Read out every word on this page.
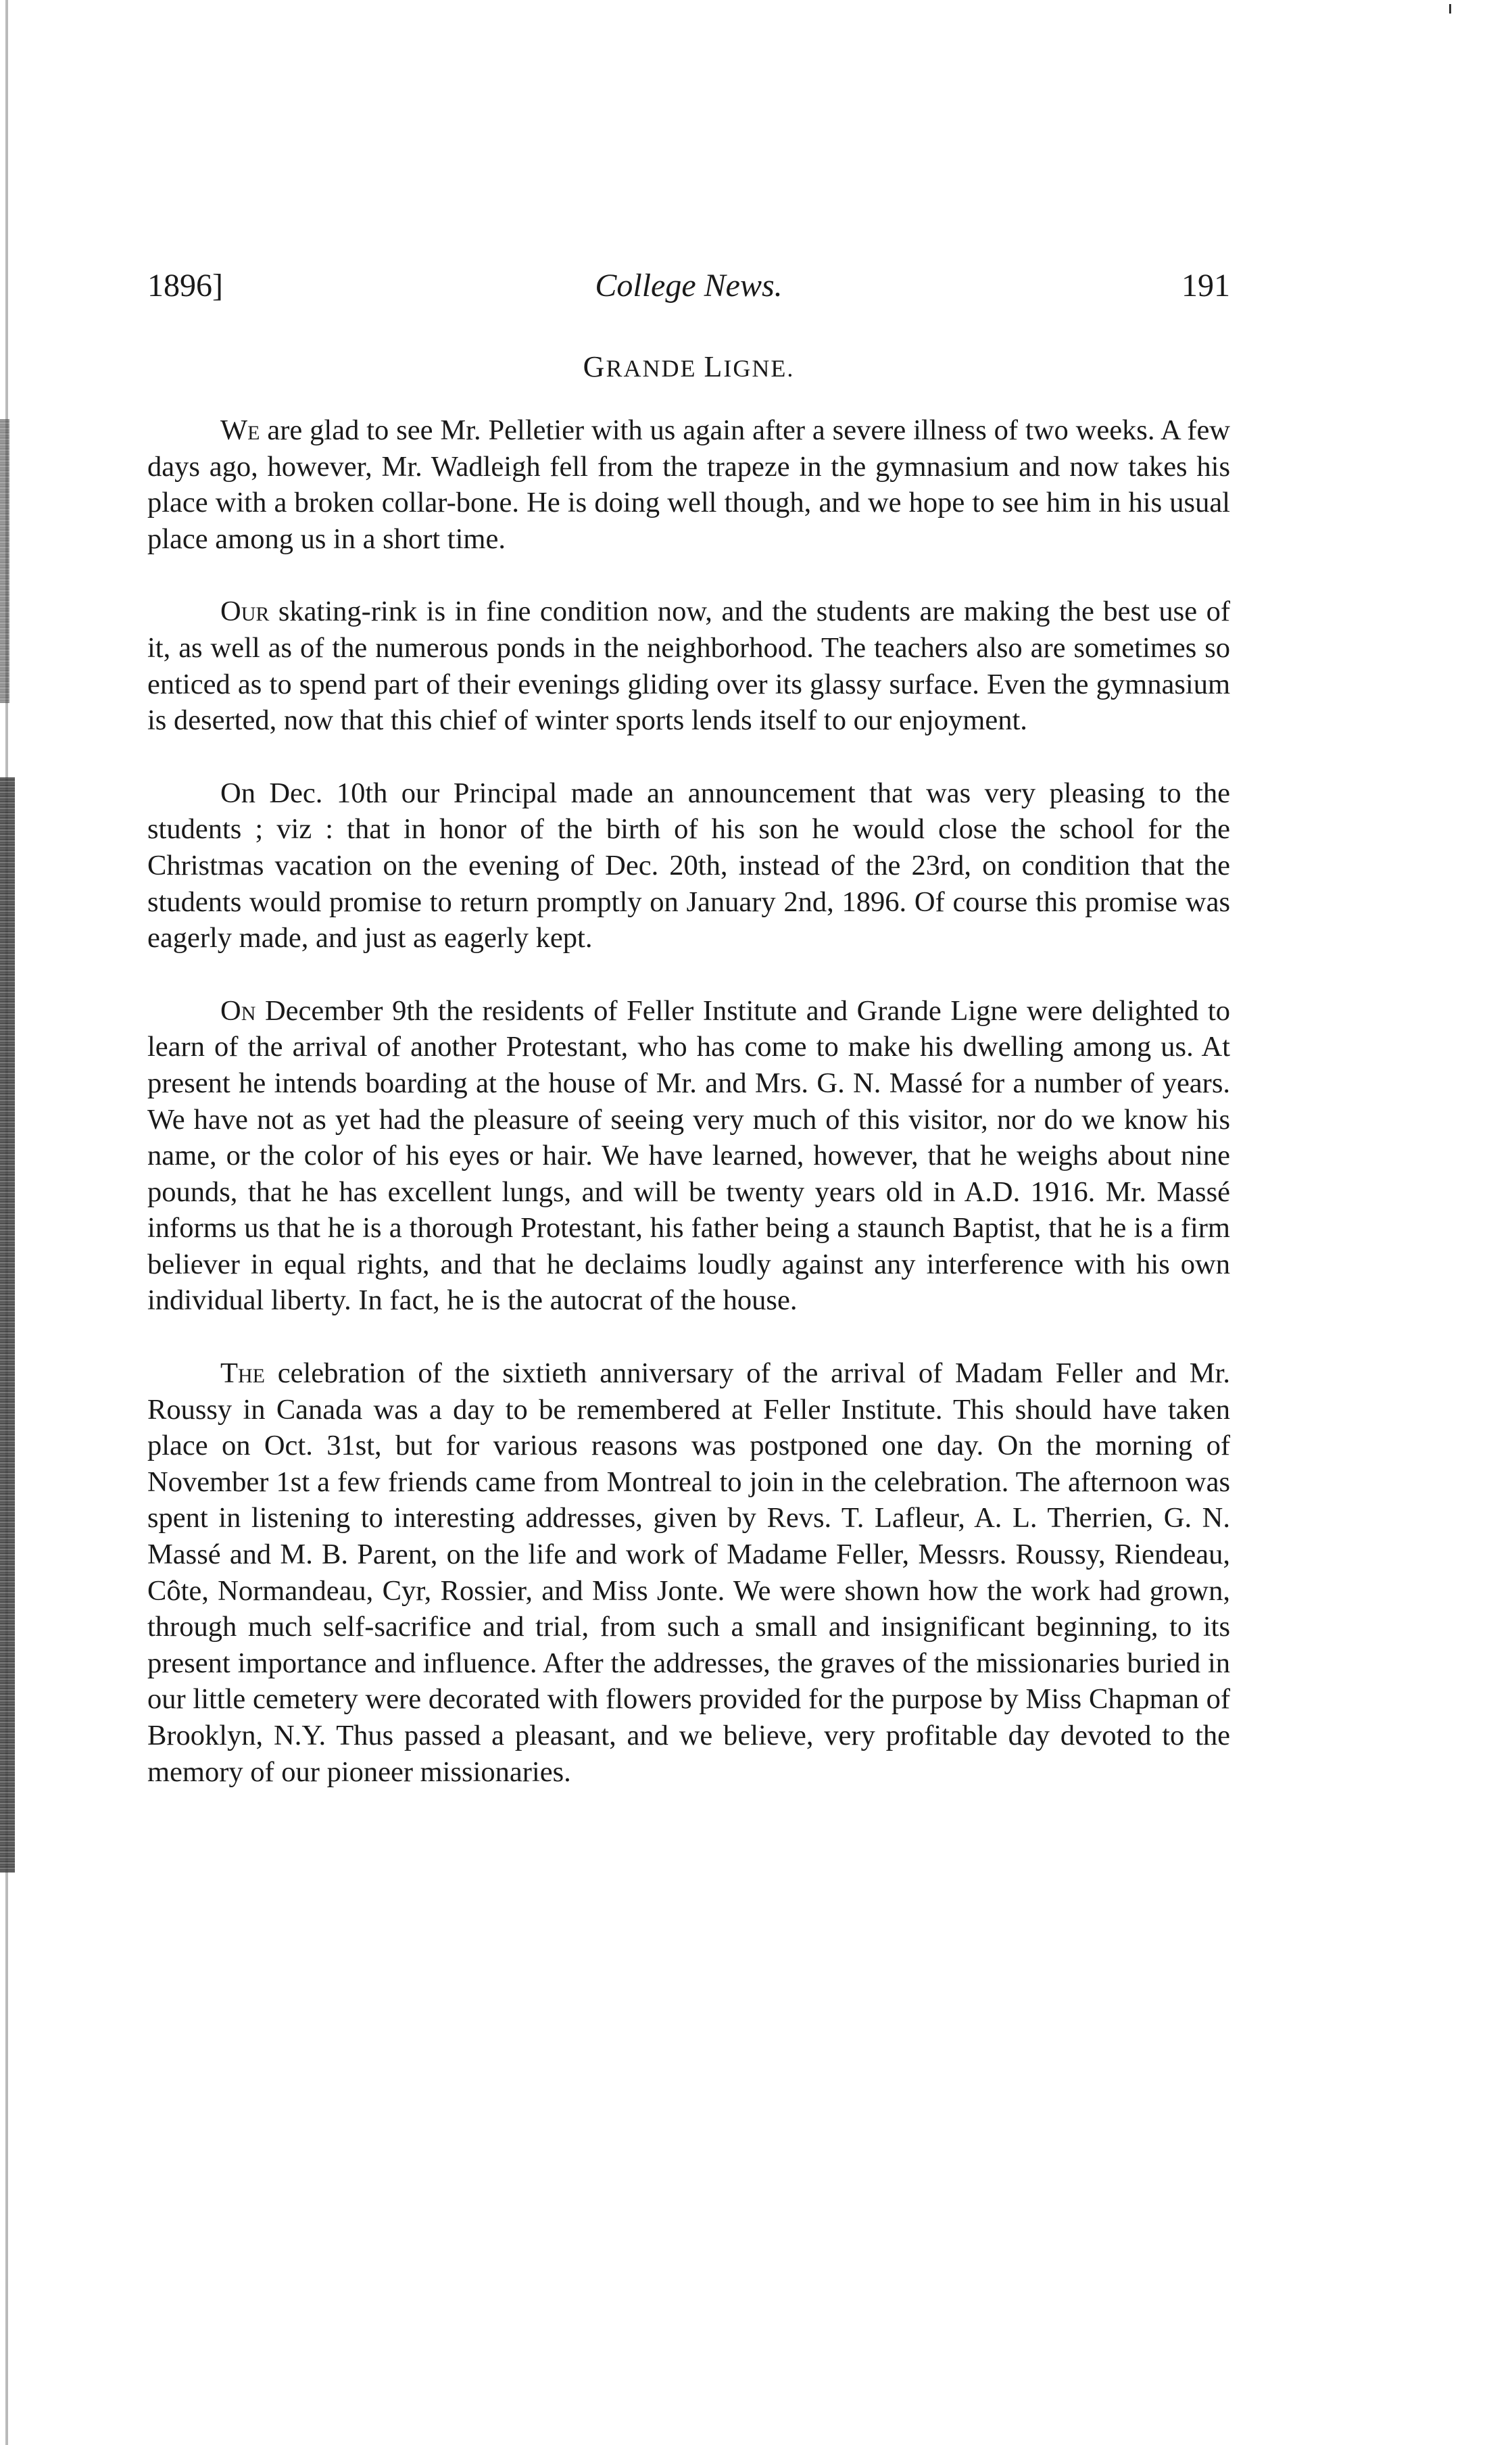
1896]	College News.	191
GRANDE LIGNE.

We are glad to see Mr. Pelletier with us again after a severe illness of two weeks. A few days ago, however, Mr. Wadleigh fell from the trapeze in the gymnasium and now takes his place with a broken collar-bone. He is doing well though, and we hope to see him in his usual place among us in a short time.

Our skating-rink is in fine condition now, and the students are making the best use of it, as well as of the numerous ponds in the neighborhood. The teachers also are sometimes so enticed as to spend part of their evenings gliding over its glassy surface. Even the gymnasium is deserted, now that this chief of winter sports lends itself to our enjoyment.

On Dec. 10th our Principal made an announcement that was very pleasing to the students ; viz : that in honor of the birth of his son he would close the school for the Christmas vacation on the evening of Dec. 20th, instead of the 23rd, on condition that the students would promise to return promptly on January 2nd, 1896. Of course this promise was eagerly made, and just as eagerly kept.

On December 9th the residents of Feller Institute and Grande Ligne were delighted to learn of the arrival of another Protestant, who has come to make his dwelling among us. At present he intends boarding at the house of Mr. and Mrs. G. N. Massé for a number of years. We have not as yet had the pleasure of seeing very much of this visitor, nor do we know his name, or the color of his eyes or hair. We have learned, however, that he weighs about nine pounds, that he has excellent lungs, and will be twenty years old in A.D. 1916. Mr. Massé informs us that he is a thorough Protestant, his father being a staunch Baptist, that he is a firm believer in equal rights, and that he declaims loudly against any interference with his own individual liberty. In fact, he is the autocrat of the house.

The celebration of the sixtieth anniversary of the arrival of Madam Feller and Mr. Roussy in Canada was a day to be remembered at Feller Institute. This should have taken place on Oct. 31st, but for various reasons was postponed one day. On the morning of November 1st a few friends came from Montreal to join in the celebration. The afternoon was spent in listening to interesting addresses, given by Revs. T. Lafleur, A. L. Therrien, G. N. Massé and M. B. Parent, on the life and work of Madame Feller, Messrs. Roussy, Riendeau, Côte, Normandeau, Cyr, Rossier, and Miss Jonte. We were shown how the work had grown, through much self-sacrifice and trial, from such a small and insignificant beginning, to its present importance and influence. After the addresses, the graves of the missionaries buried in our little cemetery were decorated with flowers provided for the purpose by Miss Chapman of Brooklyn, N.Y. Thus passed a pleasant, and we believe, very profitable day devoted to the memory of our pioneer missionaries.
